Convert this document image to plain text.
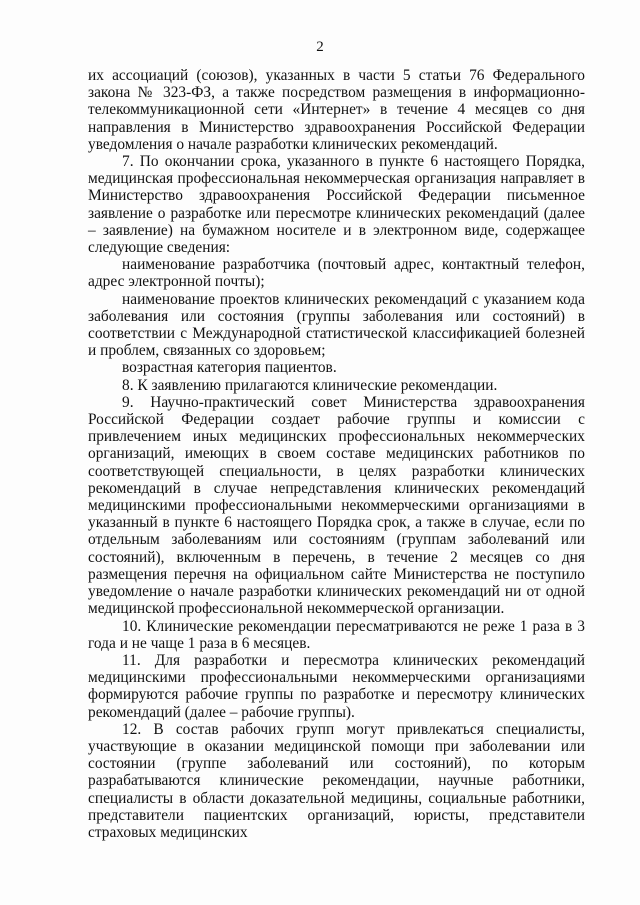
2

их ассоциаций (союзов), указанных в части 5 статьи 76 Федерального закона № 323-ФЗ, а также посредством размещения в информационно-телекоммуникационной сети «Интернет» в течение 4 месяцев со дня направления в Министерство здравоохранения Российской Федерации уведомления о начале разработки клинических рекомендаций.

7. По окончании срока, указанного в пункте 6 настоящего Порядка, медицинская профессиональная некоммерческая организация направляет в Министерство здравоохранения Российской Федерации письменное заявление о разработке или пересмотре клинических рекомендаций (далее – заявление) на бумажном носителе и в электронном виде, содержащее следующие сведения:

наименование разработчика (почтовый адрес, контактный телефон, адрес электронной почты);

наименование проектов клинических рекомендаций с указанием кода заболевания или состояния (группы заболевания или состояний) в соответствии с Международной статистической классификацией болезней и проблем, связанных со здоровьем;

возрастная категория пациентов.

8. К заявлению прилагаются клинические рекомендации.

9. Научно-практический совет Министерства здравоохранения Российской Федерации создает рабочие группы и комиссии с привлечением иных медицинских профессиональных некоммерческих организаций, имеющих в своем составе медицинских работников по соответствующей специальности, в целях разработки клинических рекомендаций в случае непредставления клинических рекомендаций медицинскими профессиональными некоммерческими организациями в указанный в пункте 6 настоящего Порядка срок, а также в случае, если по отдельным заболеваниям или состояниям (группам заболеваний или состояний), включенным в перечень, в течение 2 месяцев со дня размещения перечня на официальном сайте Министерства не поступило уведомление о начале разработки клинических рекомендаций ни от одной медицинской профессиональной некоммерческой организации.

10. Клинические рекомендации пересматриваются не реже 1 раза в 3 года и не чаще 1 раза в 6 месяцев.

11. Для разработки и пересмотра клинических рекомендаций медицинскими профессиональными некоммерческими организациями формируются рабочие группы по разработке и пересмотру клинических рекомендаций (далее – рабочие группы).

12. В состав рабочих групп могут привлекаться специалисты, участвующие в оказании медицинской помощи при заболевании или состоянии (группе заболеваний или состояний), по которым разрабатываются клинические рекомендации, научные работники, специалисты в области доказательной медицины, социальные работники, представители пациентских организаций, юристы, представители страховых медицинских
